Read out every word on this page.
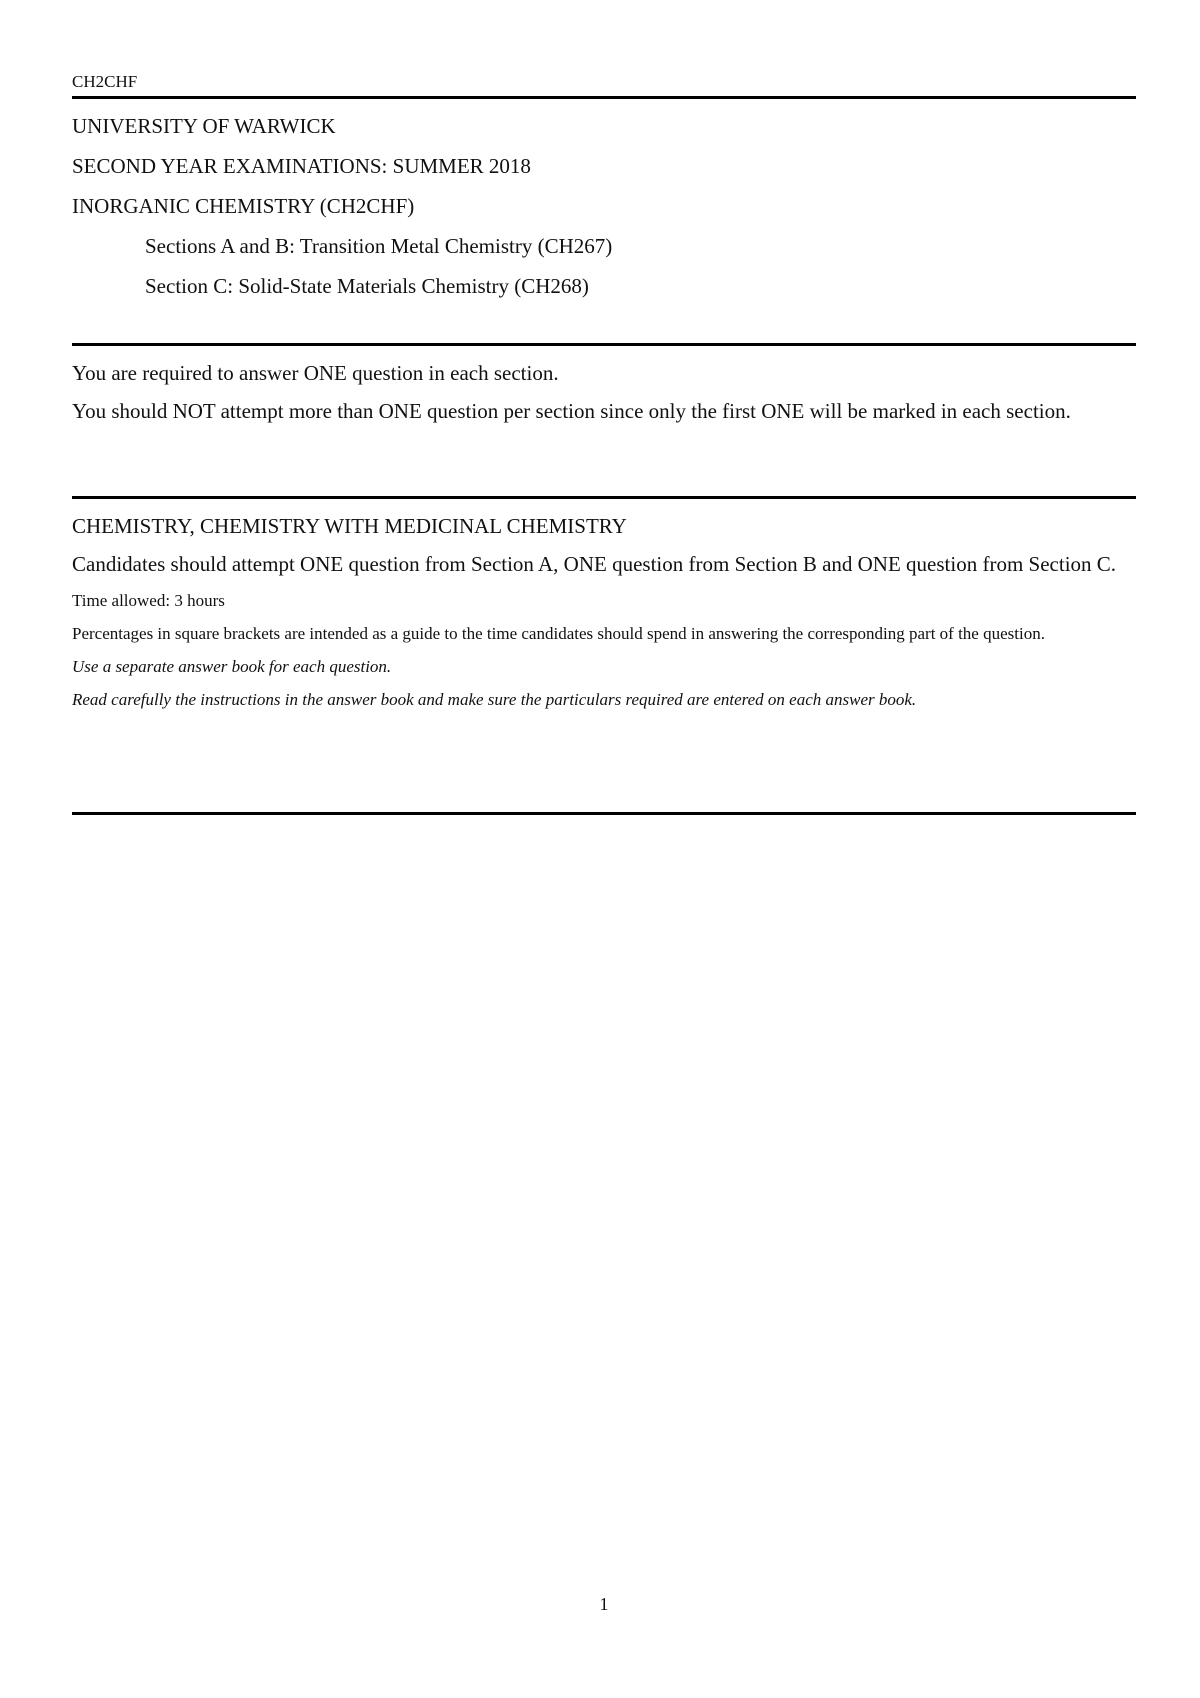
CH2CHF
UNIVERSITY OF WARWICK
SECOND YEAR EXAMINATIONS: SUMMER 2018
INORGANIC CHEMISTRY (CH2CHF)
Sections A and B: Transition Metal Chemistry (CH267)
Section C: Solid-State Materials Chemistry (CH268)
You are required to answer ONE question in each section.
You should NOT attempt more than ONE question per section since only the first ONE will be marked in each section.
CHEMISTRY, CHEMISTRY WITH MEDICINAL CHEMISTRY
Candidates should attempt ONE question from Section A, ONE question from Section B and ONE question from Section C.
Time allowed: 3 hours
Percentages in square brackets are intended as a guide to the time candidates should spend in answering the corresponding part of the question.
Use a separate answer book for each question.
Read carefully the instructions in the answer book and make sure the particulars required are entered on each answer book.
1
